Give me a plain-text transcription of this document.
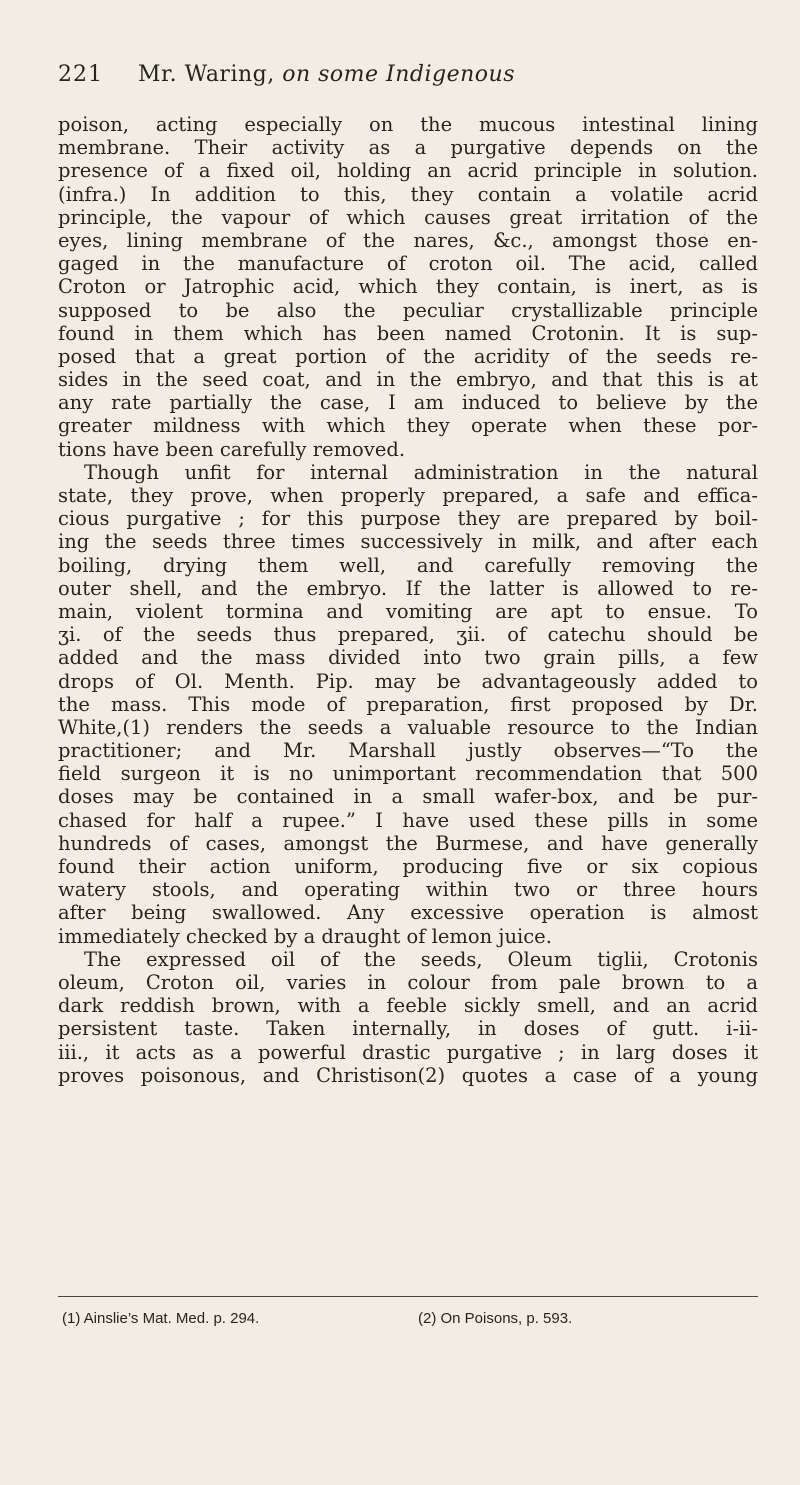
221 Mr. Waring, on some Indigenous
poison, acting especially on the mucous intestinal lining
membrane. Their activity as a purgative depends on the
presence of a fixed oil, holding an acrid principle in solution.
(infra.) In addition to this, they contain a volatile acrid
principle, the vapour of which causes great irritation of the
eyes, lining membrane of the nares, &c., amongst those en-
gaged in the manufacture of croton oil. The acid, called
Croton or Jatrophic acid, which they contain, is inert, as is
supposed to be also the peculiar crystallizable principle
found in them which has been named Crotonin. It is sup-
posed that a great portion of the acridity of the seeds re-
sides in the seed coat, and in the embryo, and that this is at
any rate partially the case, I am induced to believe by the
greater mildness with which they operate when these por-
tions have been carefully removed.
Though unfit for internal administration in the natural
state, they prove, when properly prepared, a safe and effica-
cious purgative ; for this purpose they are prepared by boil-
ing the seeds three times successively in milk, and after each
boiling, drying them well, and carefully removing the
outer shell, and the embryo. If the latter is allowed to re-
main, violent tormina and vomiting are apt to ensue. To
ʒi. of the seeds thus prepared, ʒii. of catechu should be
added and the mass divided into two grain pills, a few
drops of Ol. Menth. Pip. may be advantageously added to
the mass. This mode of preparation, first proposed by Dr.
White,(1) renders the seeds a valuable resource to the Indian
practitioner; and Mr. Marshall justly observes—“To the
field surgeon it is no unimportant recommendation that 500
doses may be contained in a small wafer-box, and be pur-
chased for half a rupee.” I have used these pills in some
hundreds of cases, amongst the Burmese, and have generally
found their action uniform, producing five or six copious
watery stools, and operating within two or three hours
after being swallowed. Any excessive operation is almost
immediately checked by a draught of lemon juice.
The expressed oil of the seeds, Oleum tiglii, Crotonis
oleum, Croton oil, varies in colour from pale brown to a
dark reddish brown, with a feeble sickly smell, and an acrid
persistent taste. Taken internally, in doses of gutt. i-ii-
iii., it acts as a powerful drastic purgative ; in larg doses it
proves poisonous, and Christison(2) quotes a case of a young
(1) Ainslie’s Mat. Med. p. 294.	(2) On Poisons, p. 593.
